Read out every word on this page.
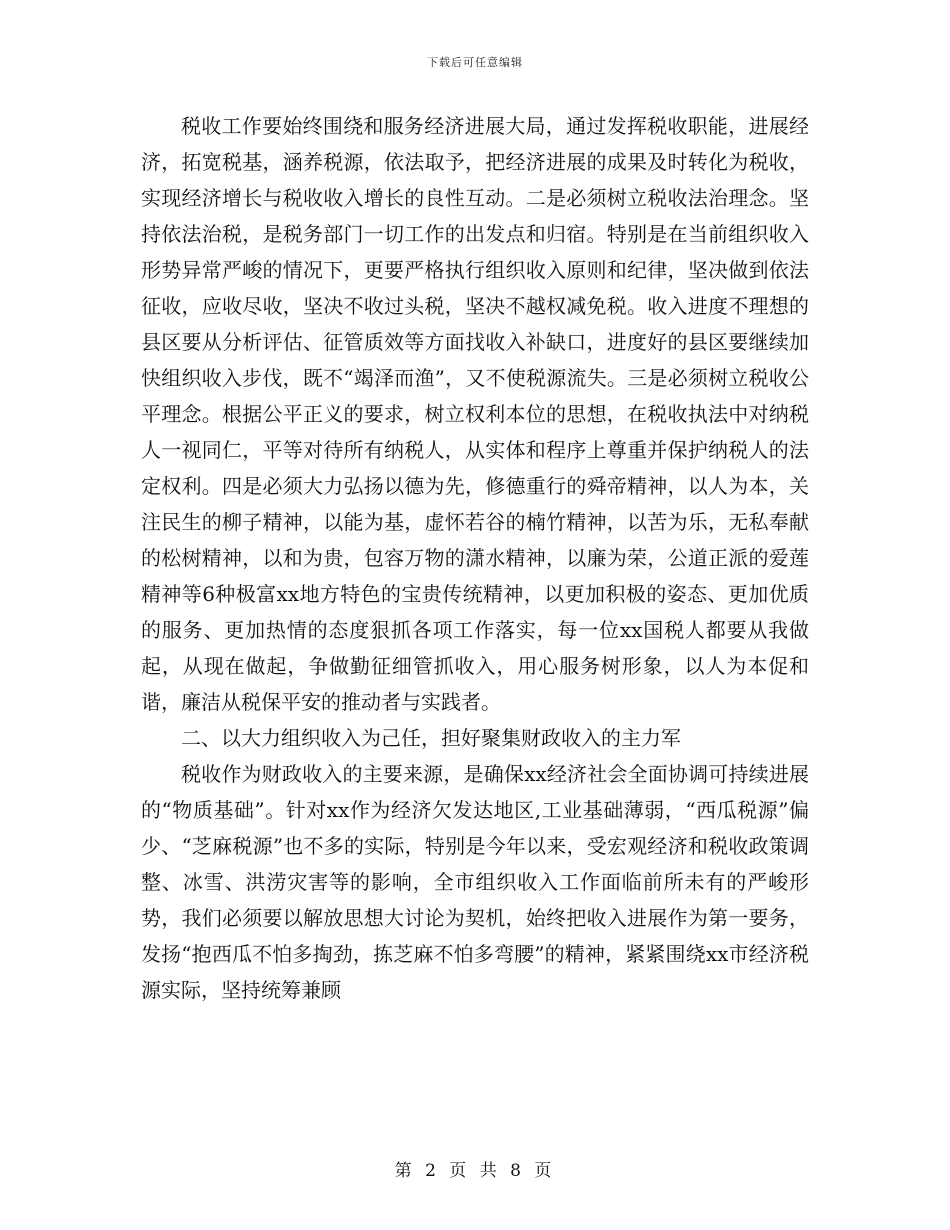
下载后可任意编辑

税收工作要始终围绕和服务经济进展大局，通过发挥税收职能，进展经济，拓宽税基，涵养税源，依法取予，把经济进展的成果及时转化为税收，实现经济增长与税收收入增长的良性互动。二是必须树立税收法治理念。坚持依法治税，是税务部门一切工作的出发点和归宿。特别是在当前组织收入形势异常严峻的情况下，更要严格执行组织收入原则和纪律，坚决做到依法征收，应收尽收，坚决不收过头税，坚决不越权减免税。收入进度不理想的县区要从分析评估、征管质效等方面找收入补缺口，进度好的县区要继续加快组织收入步伐，既不“竭泽而渔”，又不使税源流失。三是必须树立税收公平理念。根据公平正义的要求，树立权利本位的思想，在税收执法中对纳税人一视同仁，平等对待所有纳税人，从实体和程序上尊重并保护纳税人的法定权利。四是必须大力弘扬以德为先，修德重行的舜帝精神，以人为本，关注民生的柳子精神，以能为基，虚怀若谷的楠竹精神，以苦为乐，无私奉献的松树精神，以和为贵，包容万物的潇水精神，以廉为荣，公道正派的爱莲精神等6种极富xx地方特色的宝贵传统精神，以更加积极的姿态、更加优质的服务、更加热情的态度狠抓各项工作落实，每一位xx国税人都要从我做起，从现在做起，争做勤征细管抓收入，用心服务树形象，以人为本促和谐，廉洁从税保平安的推动者与实践者。

二、以大力组织收入为己任，担好聚集财政收入的主力军

税收作为财政收入的主要来源，是确保xx经济社会全面协调可持续进展的“物质基础”。针对xx作为经济欠发达地区,工业基础薄弱，“西瓜税源”偏少、“芝麻税源”也不多的实际，特别是今年以来，受宏观经济和税收政策调整、冰雪、洪涝灾害等的影响，全市组织收入工作面临前所未有的严峻形势，我们必须要以解放思想大讨论为契机，始终把收入进展作为第一要务，发扬“抱西瓜不怕多掏劲，拣芝麻不怕多弯腰”的精神，紧紧围绕xx市经济税源实际，坚持统筹兼顾

第 2 页 共 8 页
